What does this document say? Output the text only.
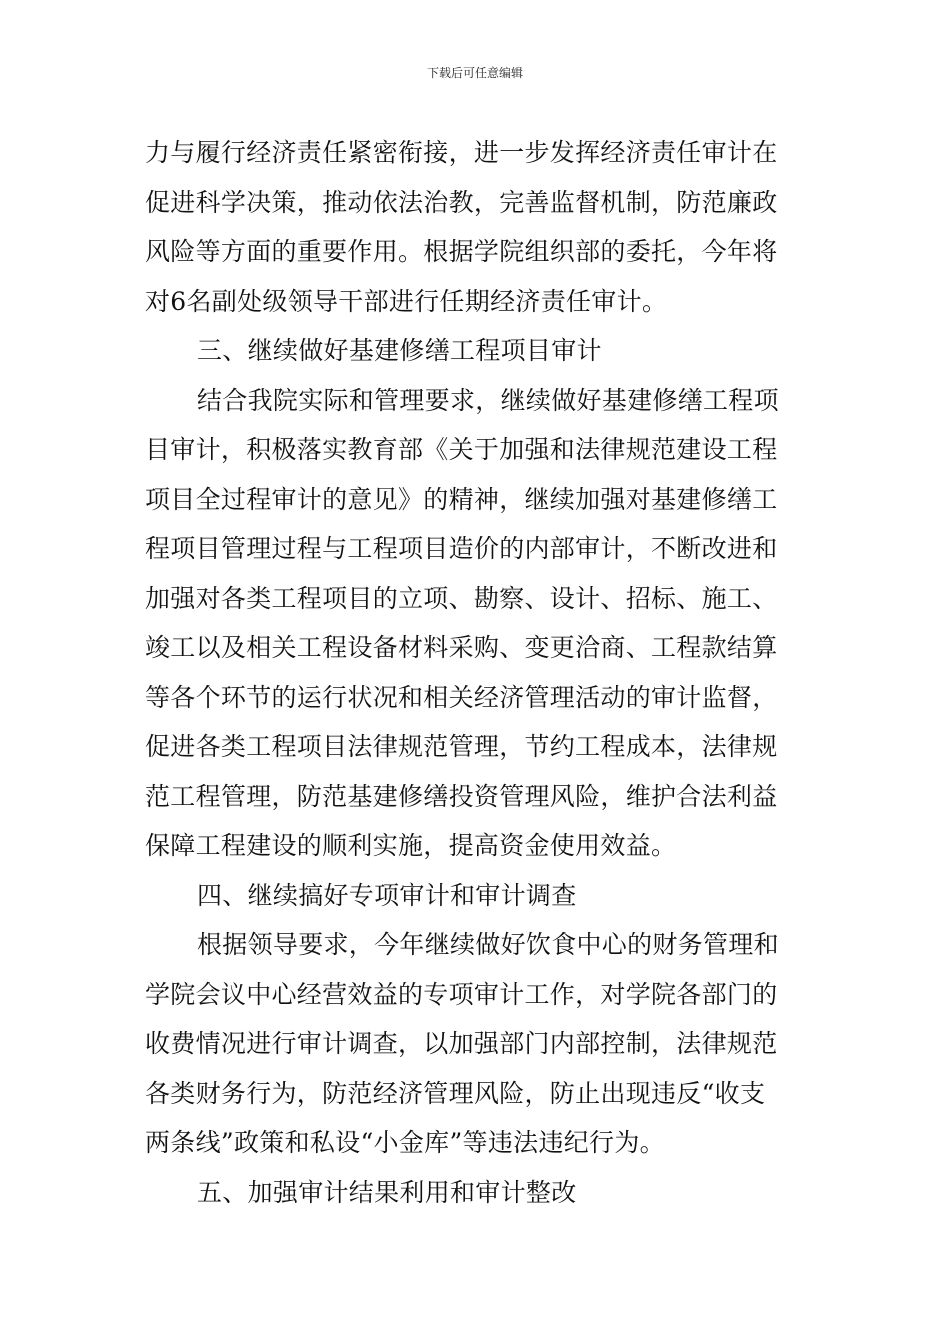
下载后可任意编辑
力与履行经济责任紧密衔接，进一步发挥经济责任审计在
促进科学决策，推动依法治教，完善监督机制，防范廉政
风险等方面的重要作用。根据学院组织部的委托，今年将
对6名副处级领导干部进行任期经济责任审计。
三、继续做好基建修缮工程项目审计
结合我院实际和管理要求，继续做好基建修缮工程项
目审计，积极落实教育部《关于加强和法律规范建设工程
项目全过程审计的意见》的精神，继续加强对基建修缮工
程项目管理过程与工程项目造价的内部审计，不断改进和
加强对各类工程项目的立项、勘察、设计、招标、施工、
竣工以及相关工程设备材料采购、变更洽商、工程款结算
等各个环节的运行状况和相关经济管理活动的审计监督，
促进各类工程项目法律规范管理，节约工程成本，法律规
范工程管理，防范基建修缮投资管理风险，维护合法利益
保障工程建设的顺利实施，提高资金使用效益。
四、继续搞好专项审计和审计调查
根据领导要求，今年继续做好饮食中心的财务管理和
学院会议中心经营效益的专项审计工作，对学院各部门的
收费情况进行审计调查，以加强部门内部控制，法律规范
各类财务行为，防范经济管理风险，防止出现违反“收支
两条线”政策和私设“小金库”等违法违纪行为。
五、加强审计结果利用和审计整改
